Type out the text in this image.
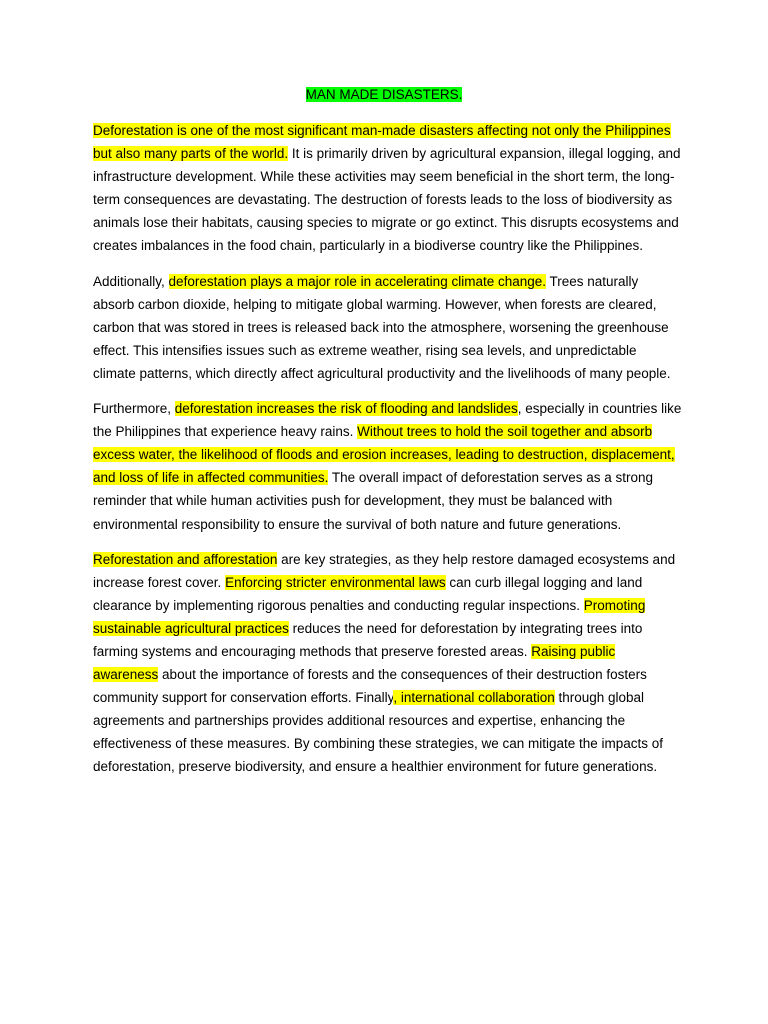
MAN MADE DISASTERS.

Deforestation is one of the most significant man-made disasters affecting not only the Philippines but also many parts of the world. It is primarily driven by agricultural expansion, illegal logging, and infrastructure development. While these activities may seem beneficial in the short term, the long-term consequences are devastating. The destruction of forests leads to the loss of biodiversity as animals lose their habitats, causing species to migrate or go extinct. This disrupts ecosystems and creates imbalances in the food chain, particularly in a biodiverse country like the Philippines.

Additionally, deforestation plays a major role in accelerating climate change. Trees naturally absorb carbon dioxide, helping to mitigate global warming. However, when forests are cleared, carbon that was stored in trees is released back into the atmosphere, worsening the greenhouse effect. This intensifies issues such as extreme weather, rising sea levels, and unpredictable climate patterns, which directly affect agricultural productivity and the livelihoods of many people.

Furthermore, deforestation increases the risk of flooding and landslides, especially in countries like the Philippines that experience heavy rains. Without trees to hold the soil together and absorb excess water, the likelihood of floods and erosion increases, leading to destruction, displacement, and loss of life in affected communities. The overall impact of deforestation serves as a strong reminder that while human activities push for development, they must be balanced with environmental responsibility to ensure the survival of both nature and future generations.

Reforestation and afforestation are key strategies, as they help restore damaged ecosystems and increase forest cover. Enforcing stricter environmental laws can curb illegal logging and land clearance by implementing rigorous penalties and conducting regular inspections. Promoting sustainable agricultural practices reduces the need for deforestation by integrating trees into farming systems and encouraging methods that preserve forested areas. Raising public awareness about the importance of forests and the consequences of their destruction fosters community support for conservation efforts. Finally, international collaboration through global agreements and partnerships provides additional resources and expertise, enhancing the effectiveness of these measures. By combining these strategies, we can mitigate the impacts of deforestation, preserve biodiversity, and ensure a healthier environment for future generations.
